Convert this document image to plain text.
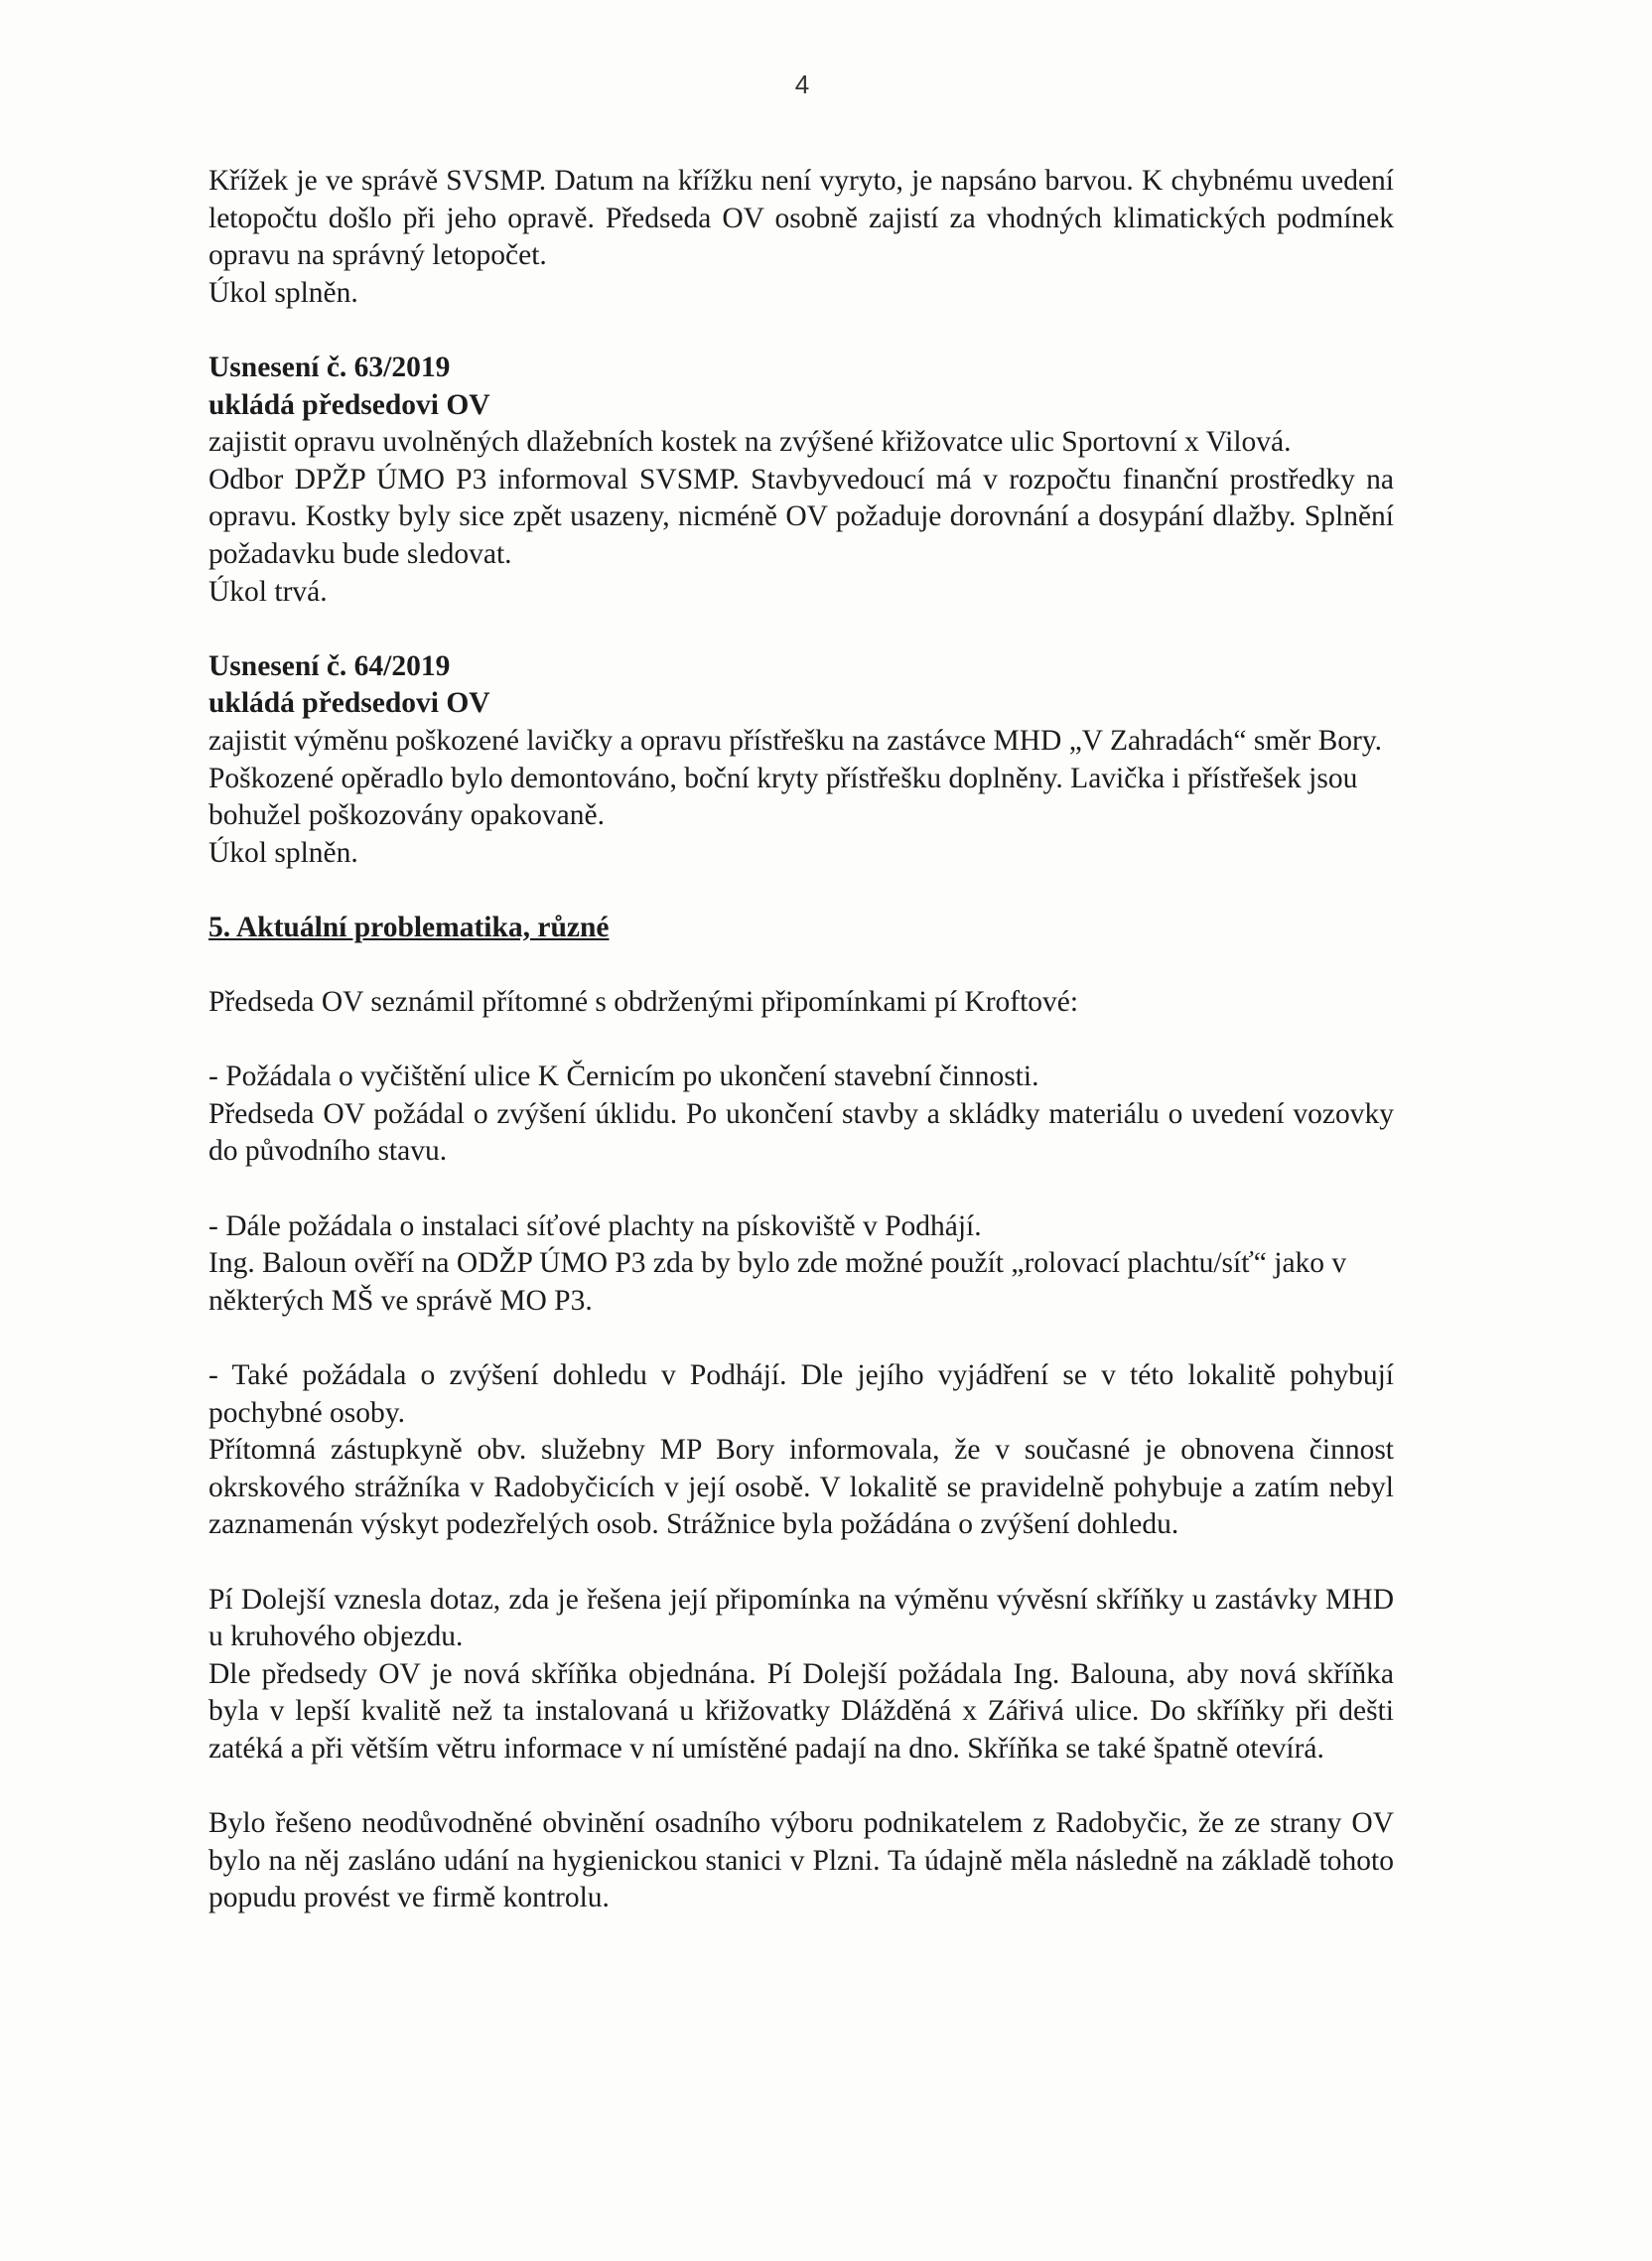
4

Křížek je ve správě SVSMP. Datum na křížku není vyryto, je napsáno barvou. K chybnému uvedení letopočtu došlo při jeho opravě. Předseda OV osobně zajistí za vhodných klimatických podmínek opravu na správný letopočet.

Úkol splněn.

Usnesení č. 63/2019

ukládá předsedovi OV

zajistit opravu uvolněných dlažebních kostek na zvýšené křižovatce ulic Sportovní x Vilová.

Odbor DPŽP ÚMO P3 informoval SVSMP. Stavbyvedoucí má v rozpočtu finanční prostředky na opravu. Kostky byly sice zpět usazeny, nicméně OV požaduje dorovnání a dosypání dlažby. Splnění požadavku bude sledovat.

Úkol trvá.

Usnesení č. 64/2019

ukládá předsedovi OV

zajistit výměnu poškozené lavičky a opravu přístřešku na zastávce MHD „V Zahradách“ směr Bory.

Poškozené opěradlo bylo demontováno, boční kryty přístřešku doplněny. Lavička i přístřešek jsou bohužel poškozovány opakovaně.

Úkol splněn.

5. Aktuální problematika, různé

Předseda OV seznámil přítomné s obdrženými připomínkami pí Kroftové:

- Požádala o vyčištění ulice K Černicím po ukončení stavební činnosti.

Předseda OV požádal o zvýšení úklidu. Po ukončení stavby a skládky materiálu o uvedení vozovky do původního stavu.

- Dále požádala o instalaci síťové plachty na pískoviště v Podhájí.

Ing. Baloun ověří na ODŽP ÚMO P3 zda by bylo zde možné použít „rolovací plachtu/síť“ jako v některých MŠ ve správě MO P3.

- Také požádala o zvýšení dohledu v Podhájí. Dle jejího vyjádření se v této lokalitě pohybují pochybné osoby.

Přítomná zástupkyně obv. služebny MP Bory informovala, že v současné je obnovena činnost okrskového strážníka v Radobyčicích v její osobě. V lokalitě se pravidelně pohybuje a zatím nebyl zaznamenán výskyt podezřelých osob. Strážnice byla požádána o zvýšení dohledu.

Pí Dolejší vznesla dotaz, zda je řešena její připomínka na výměnu vývěsní skříňky u zastávky MHD u kruhového objezdu.

Dle předsedy OV je nová skříňka objednána. Pí Dolejší požádala Ing. Balouna, aby nová skříňka byla v lepší kvalitě než ta instalovaná u křižovatky Dlážděná x Zářivá ulice. Do skříňky při dešti zatéká a při větším větru informace v ní umístěné padají na dno. Skříňka se také špatně otevírá.

Bylo řešeno neodůvodněné obvinění osadního výboru podnikatelem z Radobyčic, že ze strany OV bylo na něj zasláno udání na hygienickou stanici v Plzni. Ta údajně měla následně na základě tohoto popudu provést ve firmě kontrolu.
